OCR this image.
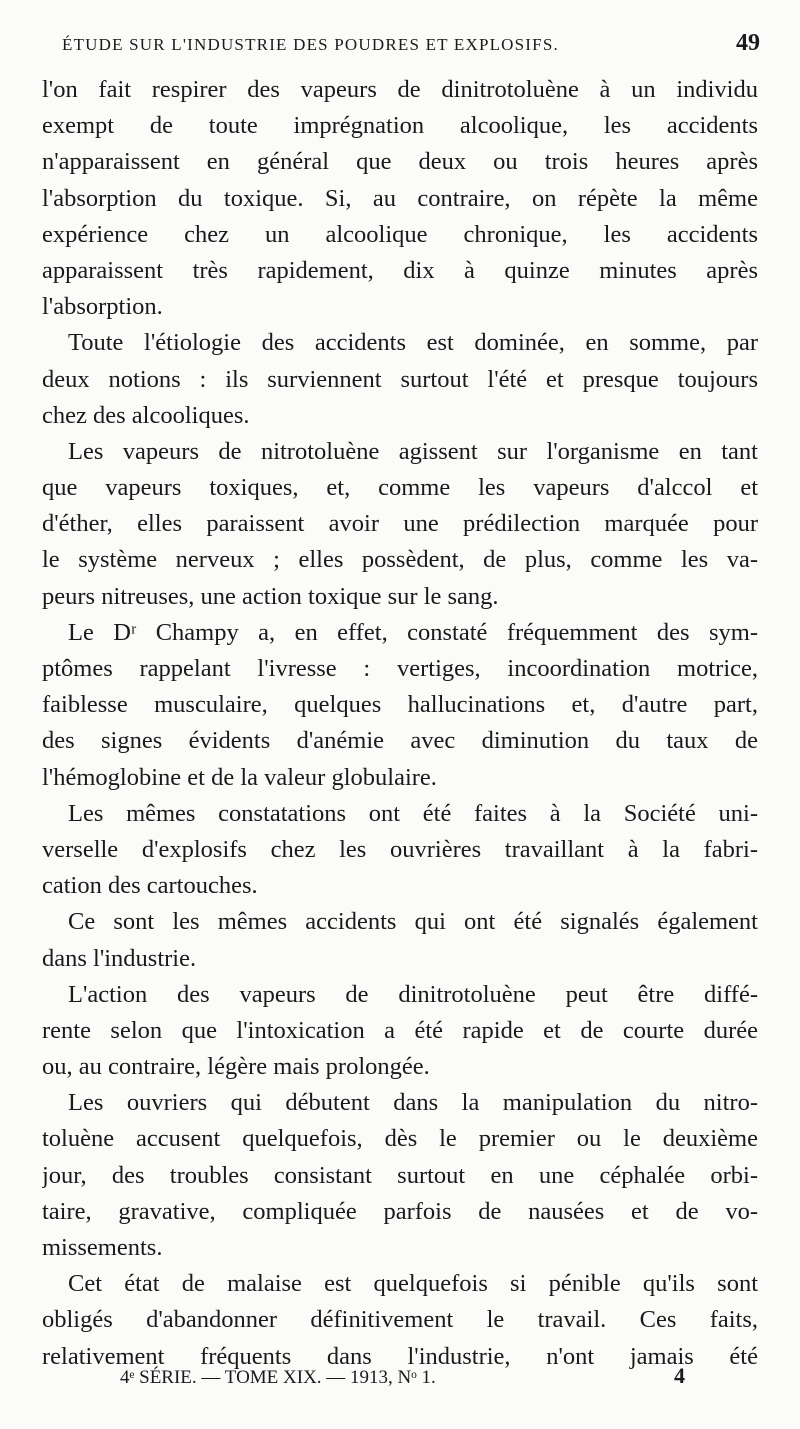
ÉTUDE SUR L'INDUSTRIE DES POUDRES ET EXPLOSIFS.	49
l'on fait respirer des vapeurs de dinitrotoluène à un individu
exempt de toute imprégnation alcoolique, les accidents
n'apparaissent en général que deux ou trois heures après
l'absorption du toxique. Si, au contraire, on répète la même
expérience chez un alcoolique chronique, les accidents
apparaissent très rapidement, dix à quinze minutes après
l'absorption.
Toute l'étiologie des accidents est dominée, en somme, par
deux notions : ils surviennent surtout l'été et presque toujours
chez des alcooliques.
Les vapeurs de nitrotoluène agissent sur l'organisme en tant
que vapeurs toxiques, et, comme les vapeurs d'alccol et
d'éther, elles paraissent avoir une prédilection marquée pour
le système nerveux ; elles possèdent, de plus, comme les va-
peurs nitreuses, une action toxique sur le sang.
Le Dʳ Champy a, en effet, constaté fréquemment des sym-
ptômes rappelant l'ivresse : vertiges, incoordination motrice,
faiblesse musculaire, quelques hallucinations et, d'autre part,
des signes évidents d'anémie avec diminution du taux de
l'hémoglobine et de la valeur globulaire.
Les mêmes constatations ont été faites à la Société uni-
verselle d'explosifs chez les ouvrières travaillant à la fabri-
cation des cartouches.
Ce sont les mêmes accidents qui ont été signalés également
dans l'industrie.
L'action des vapeurs de dinitrotoluène peut être diffé-
rente selon que l'intoxication a été rapide et de courte durée
ou, au contraire, légère mais prolongée.
Les ouvriers qui débutent dans la manipulation du nitro-
toluène accusent quelquefois, dès le premier ou le deuxième
jour, des troubles consistant surtout en une céphalée orbi-
taire, gravative, compliquée parfois de nausées et de vo-
missements.
Cet état de malaise est quelquefois si pénible qu'ils sont
obligés d'abandonner définitivement le travail. Ces faits,
relativement fréquents dans l'industrie, n'ont jamais été
4ᵉ SÉRIE. — TOME XIX. — 1913, Nᵒ 1.	4
